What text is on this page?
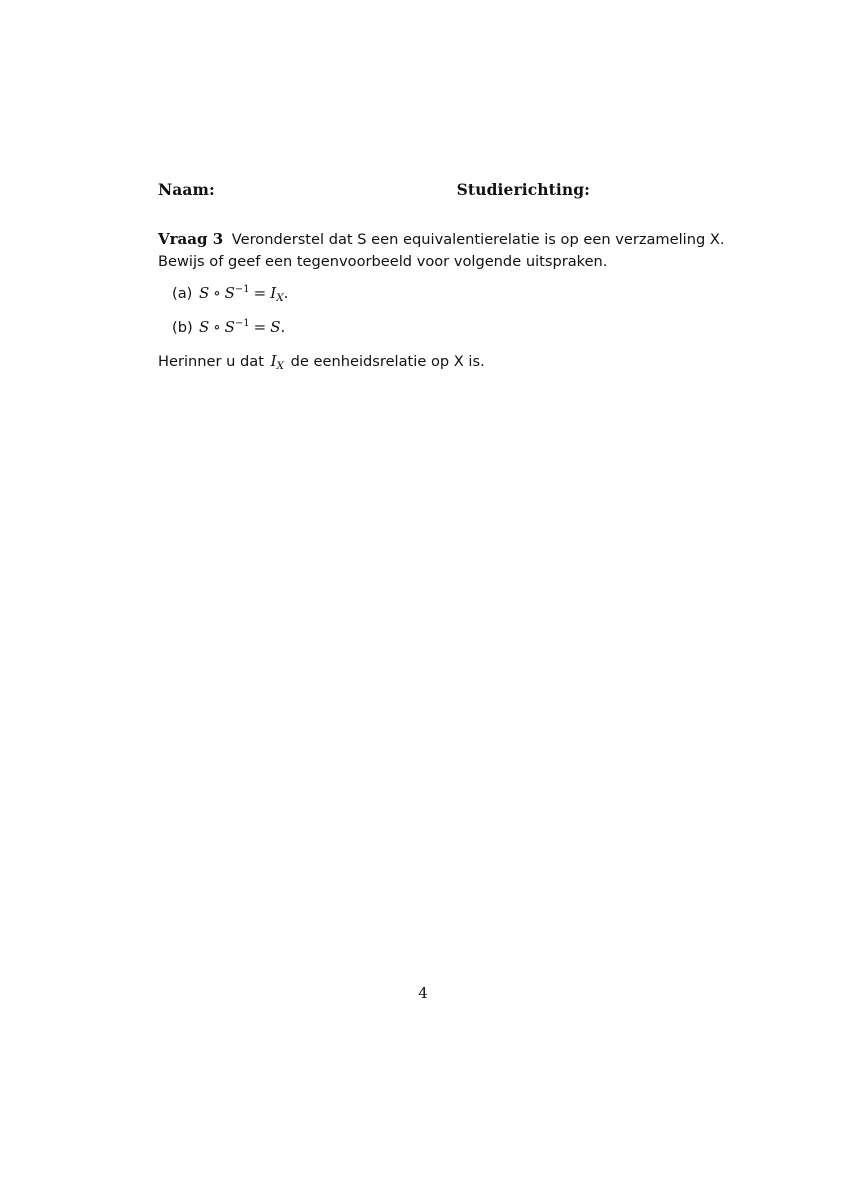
Naam:	Studierichting:
Vraag 3 Veronderstel dat S een equivalentierelatie is op een verzameling X.
Bewijs of geef een tegenvoorbeeld voor volgende uitspraken.
(a) S ∘ $S^{-1} = I_X$.
(b) S ∘ $S^{-1} = S$.
Herinner u dat $I_X$ de eenheidsrelatie op X is.
4
